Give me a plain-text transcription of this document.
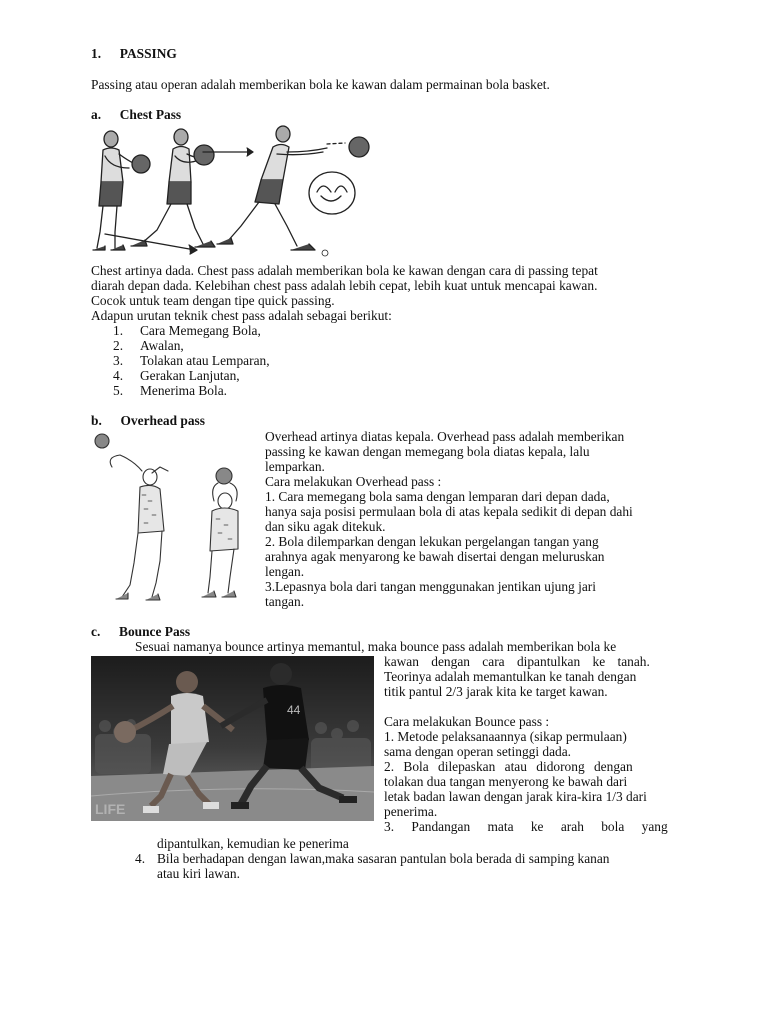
1. PASSING
Passing atau operan adalah memberikan bola ke kawan dalam permainan bola basket.
a. Chest Pass
Chest artinya dada. Chest pass adalah memberikan bola ke kawan dengan cara di passing tepat
diarah depan dada. Kelebihan chest pass adalah lebih cepat, lebih kuat untuk mencapai kawan.
Cocok untuk team dengan tipe quick passing.
Adapun urutan teknik chest pass adalah sebagai berikut:
1. Cara Memegang Bola,
2. Awalan,
3. Tolakan atau Lemparan,
4. Gerakan Lanjutan,
5. Menerima Bola.
b. Overhead pass
Overhead artinya diatas kepala. Overhead pass adalah memberikan
passing ke kawan dengan memegang bola diatas kepala, lalu
lemparkan.
Cara melakukan Overhead pass :
1. Cara memegang bola sama dengan lemparan dari depan dada,
hanya saja posisi permulaan bola di atas kepala sedikit di depan dahi
dan siku agak ditekuk.
2. Bola dilemparkan dengan lekukan pergelangan tangan yang
arahnya agak menyarong ke bawah disertai dengan meluruskan
lengan.
3.Lepasnya bola dari tangan menggunakan jentikan ujung jari
tangan.
c. Bounce Pass
Sesuai namanya bounce artinya memantul, maka bounce pass adalah memberikan bola ke
44
LIFE
kawan dengan cara dipantulkan ke tanah.
Teorinya adalah memantulkan ke tanah dengan
titik pantul 2/3 jarak kita ke target kawan.
Cara melakukan Bounce pass :
1. Metode pelaksanaannya (sikap permulaan)
sama dengan operan setinggi dada.
2. Bola dilepaskan atau didorong dengan
tolakan dua tangan menyerong ke bawah dari
letak badan lawan dengan jarak kira-kira 1/3 dari
penerima.
3. Pandangan mata ke arah bola yang
dipantulkan, kemudian ke penerima
4. Bila berhadapan dengan lawan,maka sasaran pantulan bola berada di samping kanan
atau kiri lawan.
